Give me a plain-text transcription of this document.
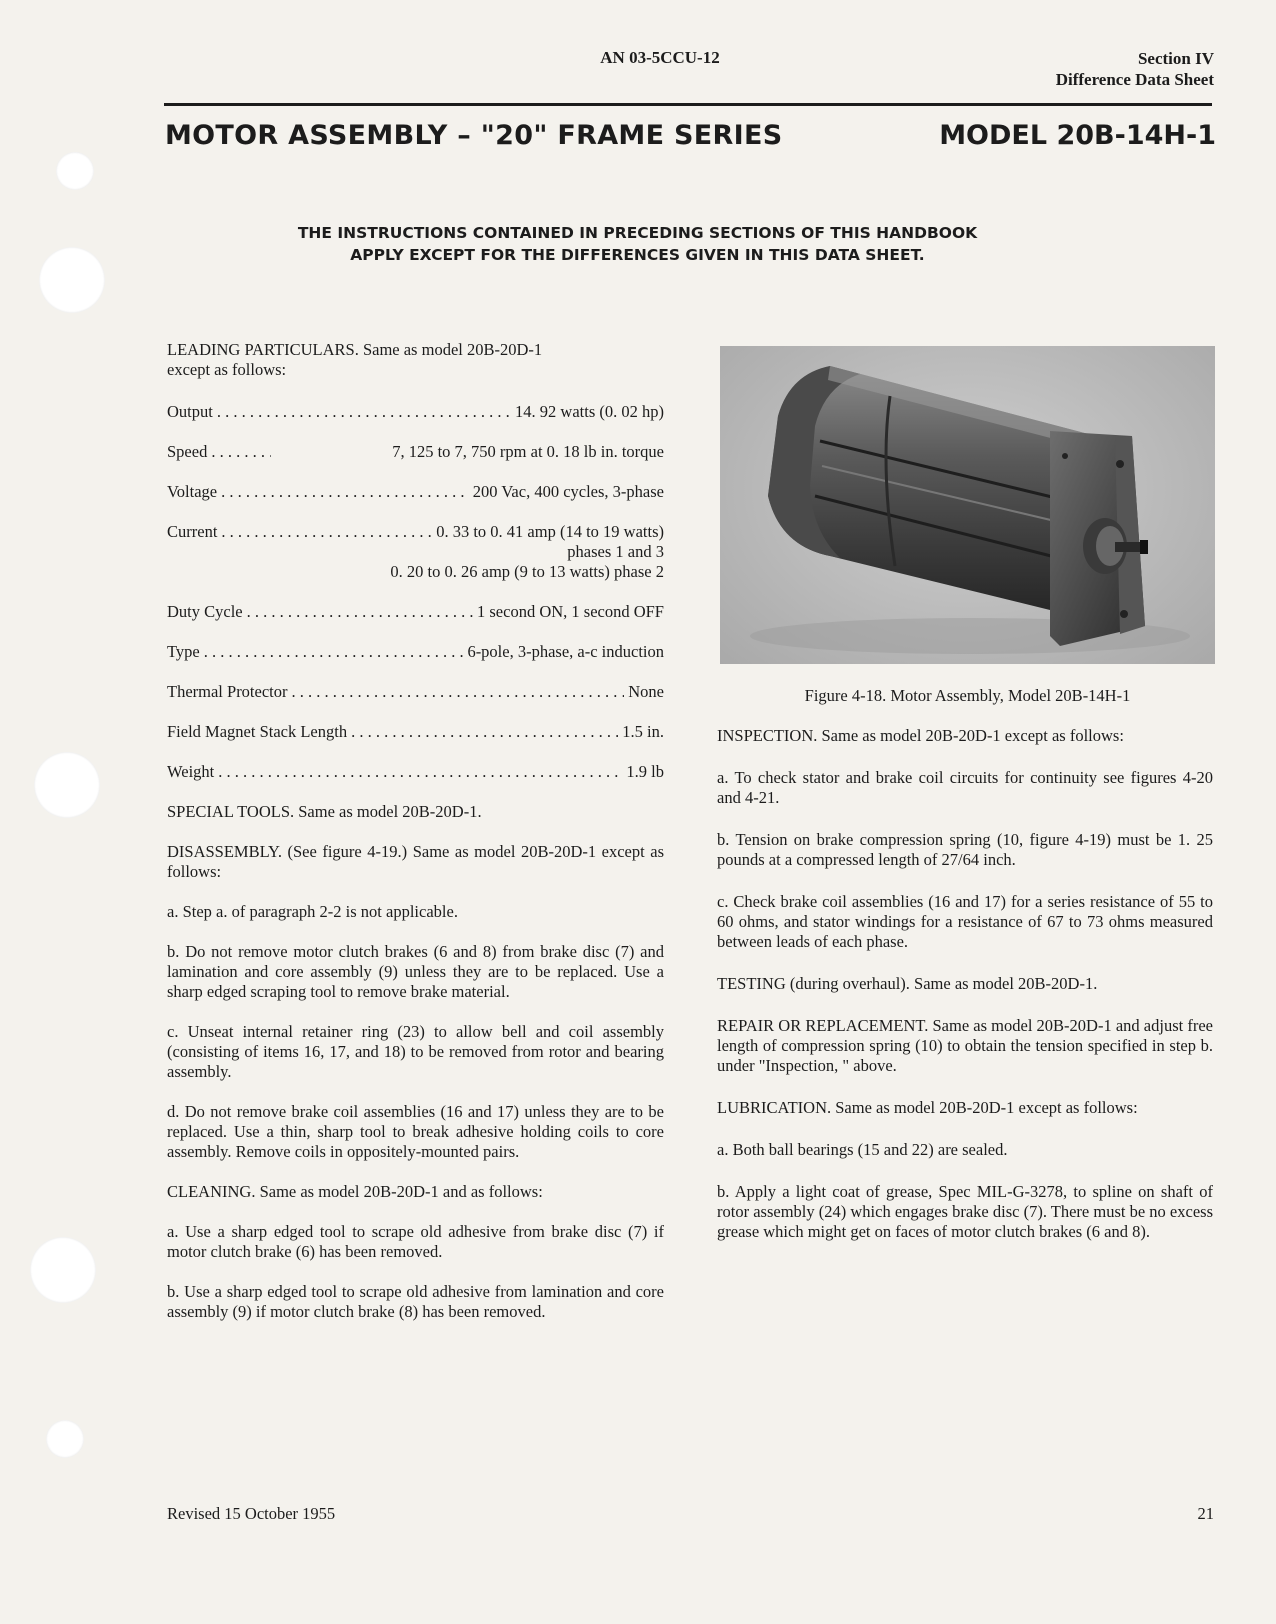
AN 03-5CCU-12	Section IV
Difference Data Sheet
MOTOR ASSEMBLY – "20" FRAME SERIES	MODEL 20B-14H-1
THE INSTRUCTIONS CONTAINED IN PRECEDING SECTIONS OF THIS HANDBOOK
APPLY EXCEPT FOR THE DIFFERENCES GIVEN IN THIS DATA SHEET.

LEADING PARTICULARS. Same as model 20B-20D-1

except as follows:

Output . . .	14. 92 watts (0. 02 hp)
Speed . . .	7, 125 to 7, 750 rpm at 0. 18 lb in. torque
Voltage . . .	200 Vac, 400 cycles, 3-phase
Current . . .	0. 33 to 0. 41 amp (14 to 19 watts)
phases 1 and 3
0. 20 to 0. 26 amp (9 to 13 watts) phase 2
Duty Cycle . . .	1 second ON, 1 second OFF
Type . . .	6-pole, 3-phase, a-c induction
Thermal Protector . . .	None
Field Magnet Stack Length . . .	1.5 in.
Weight . . .	1.9 lb

SPECIAL TOOLS. Same as model 20B-20D-1.

DISASSEMBLY. (See figure 4-19.) Same as model 20B-20D-1 except as follows:

a. Step a. of paragraph 2-2 is not applicable.

b. Do not remove motor clutch brakes (6 and 8) from brake disc (7) and lamination and core assembly (9) unless they are to be replaced. Use a sharp edged scraping tool to remove brake material.

c. Unseat internal retainer ring (23) to allow bell and coil assembly (consisting of items 16, 17, and 18) to be removed from rotor and bearing assembly.

d. Do not remove brake coil assemblies (16 and 17) unless they are to be replaced. Use a thin, sharp tool to break adhesive holding coils to core assembly. Remove coils in oppositely-mounted pairs.

CLEANING. Same as model 20B-20D-1 and as follows:

a. Use a sharp edged tool to scrape old adhesive from brake disc (7) if motor clutch brake (6) has been removed.

b. Use a sharp edged tool to scrape old adhesive from lamination and core assembly (9) if motor clutch brake (8) has been removed.

Figure 4-18. Motor Assembly, Model 20B-14H-1

INSPECTION. Same as model 20B-20D-1 except as follows:

a. To check stator and brake coil circuits for continuity see figures 4-20 and 4-21.

b. Tension on brake compression spring (10, figure 4-19) must be 1. 25 pounds at a compressed length of 27/64 inch.

c. Check brake coil assemblies (16 and 17) for a series resistance of 55 to 60 ohms, and stator windings for a resistance of 67 to 73 ohms measured between leads of each phase.

TESTING (during overhaul). Same as model 20B-20D-1.

REPAIR OR REPLACEMENT. Same as model 20B-20D-1 and adjust free length of compression spring (10) to obtain the tension specified in step b. under "Inspection, " above.

LUBRICATION. Same as model 20B-20D-1 except as follows:

a. Both ball bearings (15 and 22) are sealed.

b. Apply a light coat of grease, Spec MIL-G-3278, to spline on shaft of rotor assembly (24) which engages brake disc (7). There must be no excess grease which might get on faces of motor clutch brakes (6 and 8).

Revised 15 October 1955	21
